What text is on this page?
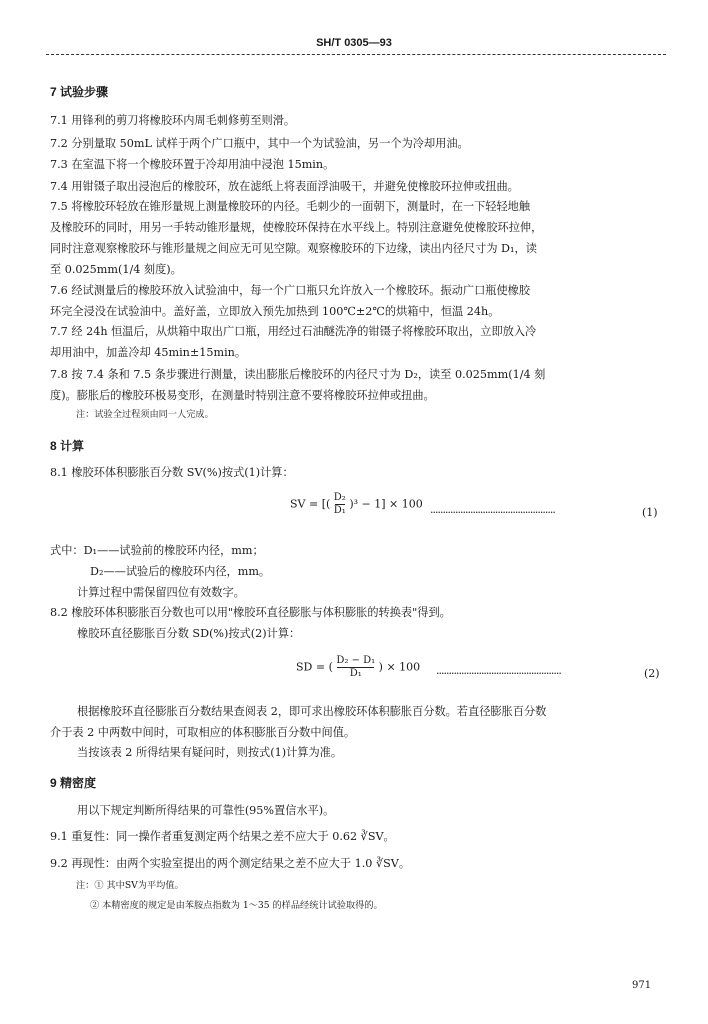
SH/T 0305—93
7 试验步骤
7.1 用锋利的剪刀将橡胶环内周毛刺修剪至则滑。
7.2 分别量取 50mL 试样于两个广口瓶中，其中一个为试验油，另一个为冷却用油。
7.3 在室温下将一个橡胶环置于冷却用油中浸泡 15min。
7.4 用钳镊子取出浸泡后的橡胶环，放在滤纸上将表面浮油吸干，并避免使橡胶环拉伸或扭曲。
7.5 将橡胶环轻放在锥形量规上测量橡胶环的内径。毛刺少的一面朝下，测量时，在一下轻轻地触
及橡胶环的同时，用另一手转动锥形量规，使橡胶环保持在水平线上。特别注意避免使橡胶环拉伸，
同时注意观察橡胶环与锥形量规之间应无可见空隙。观察橡胶环的下边缘，读出内径尺寸为 D₁，读
至 0.025mm(1/4 刻度)。
7.6 经试测量后的橡胶环放入试验油中，每一个广口瓶只允许放入一个橡胶环。振动广口瓶使橡胶
环完全浸没在试验油中。盖好盖，立即放入预先加热到 100℃±2℃的烘箱中，恒温 24h。
7.7 经 24h 恒温后，从烘箱中取出广口瓶，用经过石油醚洗净的钳镊子将橡胶环取出，立即放入冷
却用油中，加盖冷却 45min±15min。
7.8 按 7.4 条和 7.5 条步骤进行测量，读出膨胀后橡胶环的内径尺寸为 D₂，读至 0.025mm(1/4 刻
度)。膨胀后的橡胶环极易变形，在测量时特别注意不要将橡胶环拉伸或扭曲。
注：试验全过程须由同一人完成。
8 计算
8.1 橡胶环体积膨胀百分数 SV(%)按式(1)计算：
SV = [( $\frac{\text{D₂}}{\text{D₁}} )^3 - 1] \times 100$
··················································	(1)
式中：D₁——试验前的橡胶环内径，mm；
D₂——试验后的橡胶环内径，mm。
计算过程中需保留四位有效数字。
8.2 橡胶环体积膨胀百分数也可以用"橡胶环直径膨胀与体积膨胀的转换表"得到。
橡胶环直径膨胀百分数 SD(%)按式(2)计算：
SD = ( $\frac{\text{D₂ − D₁}}{\text{D₁}}$ ) × 100 ··················································	(2)
根据橡胶环直径膨胀百分数结果查阅表 2，即可求出橡胶环体积膨胀百分数。若直径膨胀百分数
介于表 2 中两数中间时，可取相应的体积膨胀百分数中间值。
当按该表 2 所得结果有疑问时，则按式(1)计算为准。
9 精密度
用以下规定判断所得结果的可靠性(95%置信水平)。
9.1 重复性：同一操作者重复测定两个结果之差不应大于 0.62 ∛SV。
9.2 再现性：由两个实验室提出的两个测定结果之差不应大于 1.0 ∛SV。
注：① 其中SV为平均值。
② 本精密度的规定是由苯胺点指数为 1～35 的样品经统计试验取得的。
971
